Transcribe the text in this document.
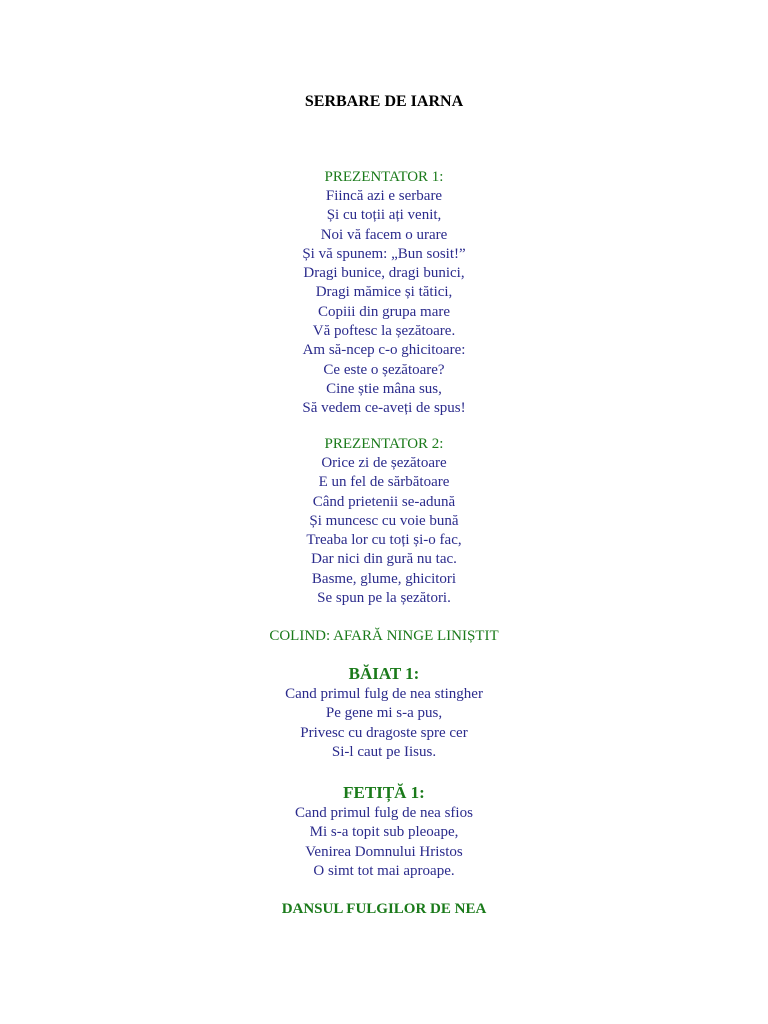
SERBARE DE IARNA
PREZENTATOR 1:
Fiincă azi e serbare
Și cu toții ați venit,
Noi vă facem o urare
Și vă spunem: „Bun sosit!”
Dragi bunice, dragi bunici,
Dragi mămice și tătici,
Copiii din grupa mare
Vă poftesc la șezătoare.
Am să-ncep c-o ghicitoare:
Ce este o șezătoare?
Cine știe mâna sus,
Să vedem ce-aveți de spus!
PREZENTATOR 2:
Orice zi de șezătoare
E un fel de sărbătoare
Când prietenii se-adună
Și muncesc cu voie bună
Treaba lor cu toți și-o fac,
Dar nici din gură nu tac.
Basme, glume, ghicitori
Se spun pe la șezători.
COLIND: AFARĂ NINGE LINIȘTIT
BĂIAT 1:
Cand primul fulg de nea stingher
Pe gene mi s-a pus,
Privesc cu dragoste spre cer
Si-l caut pe Iisus.
FETIȚĂ 1:
Cand primul fulg de nea sfios
Mi s-a topit sub pleoape,
Venirea Domnului Hristos
O simt tot mai aproape.
DANSUL FULGILOR DE NEA
